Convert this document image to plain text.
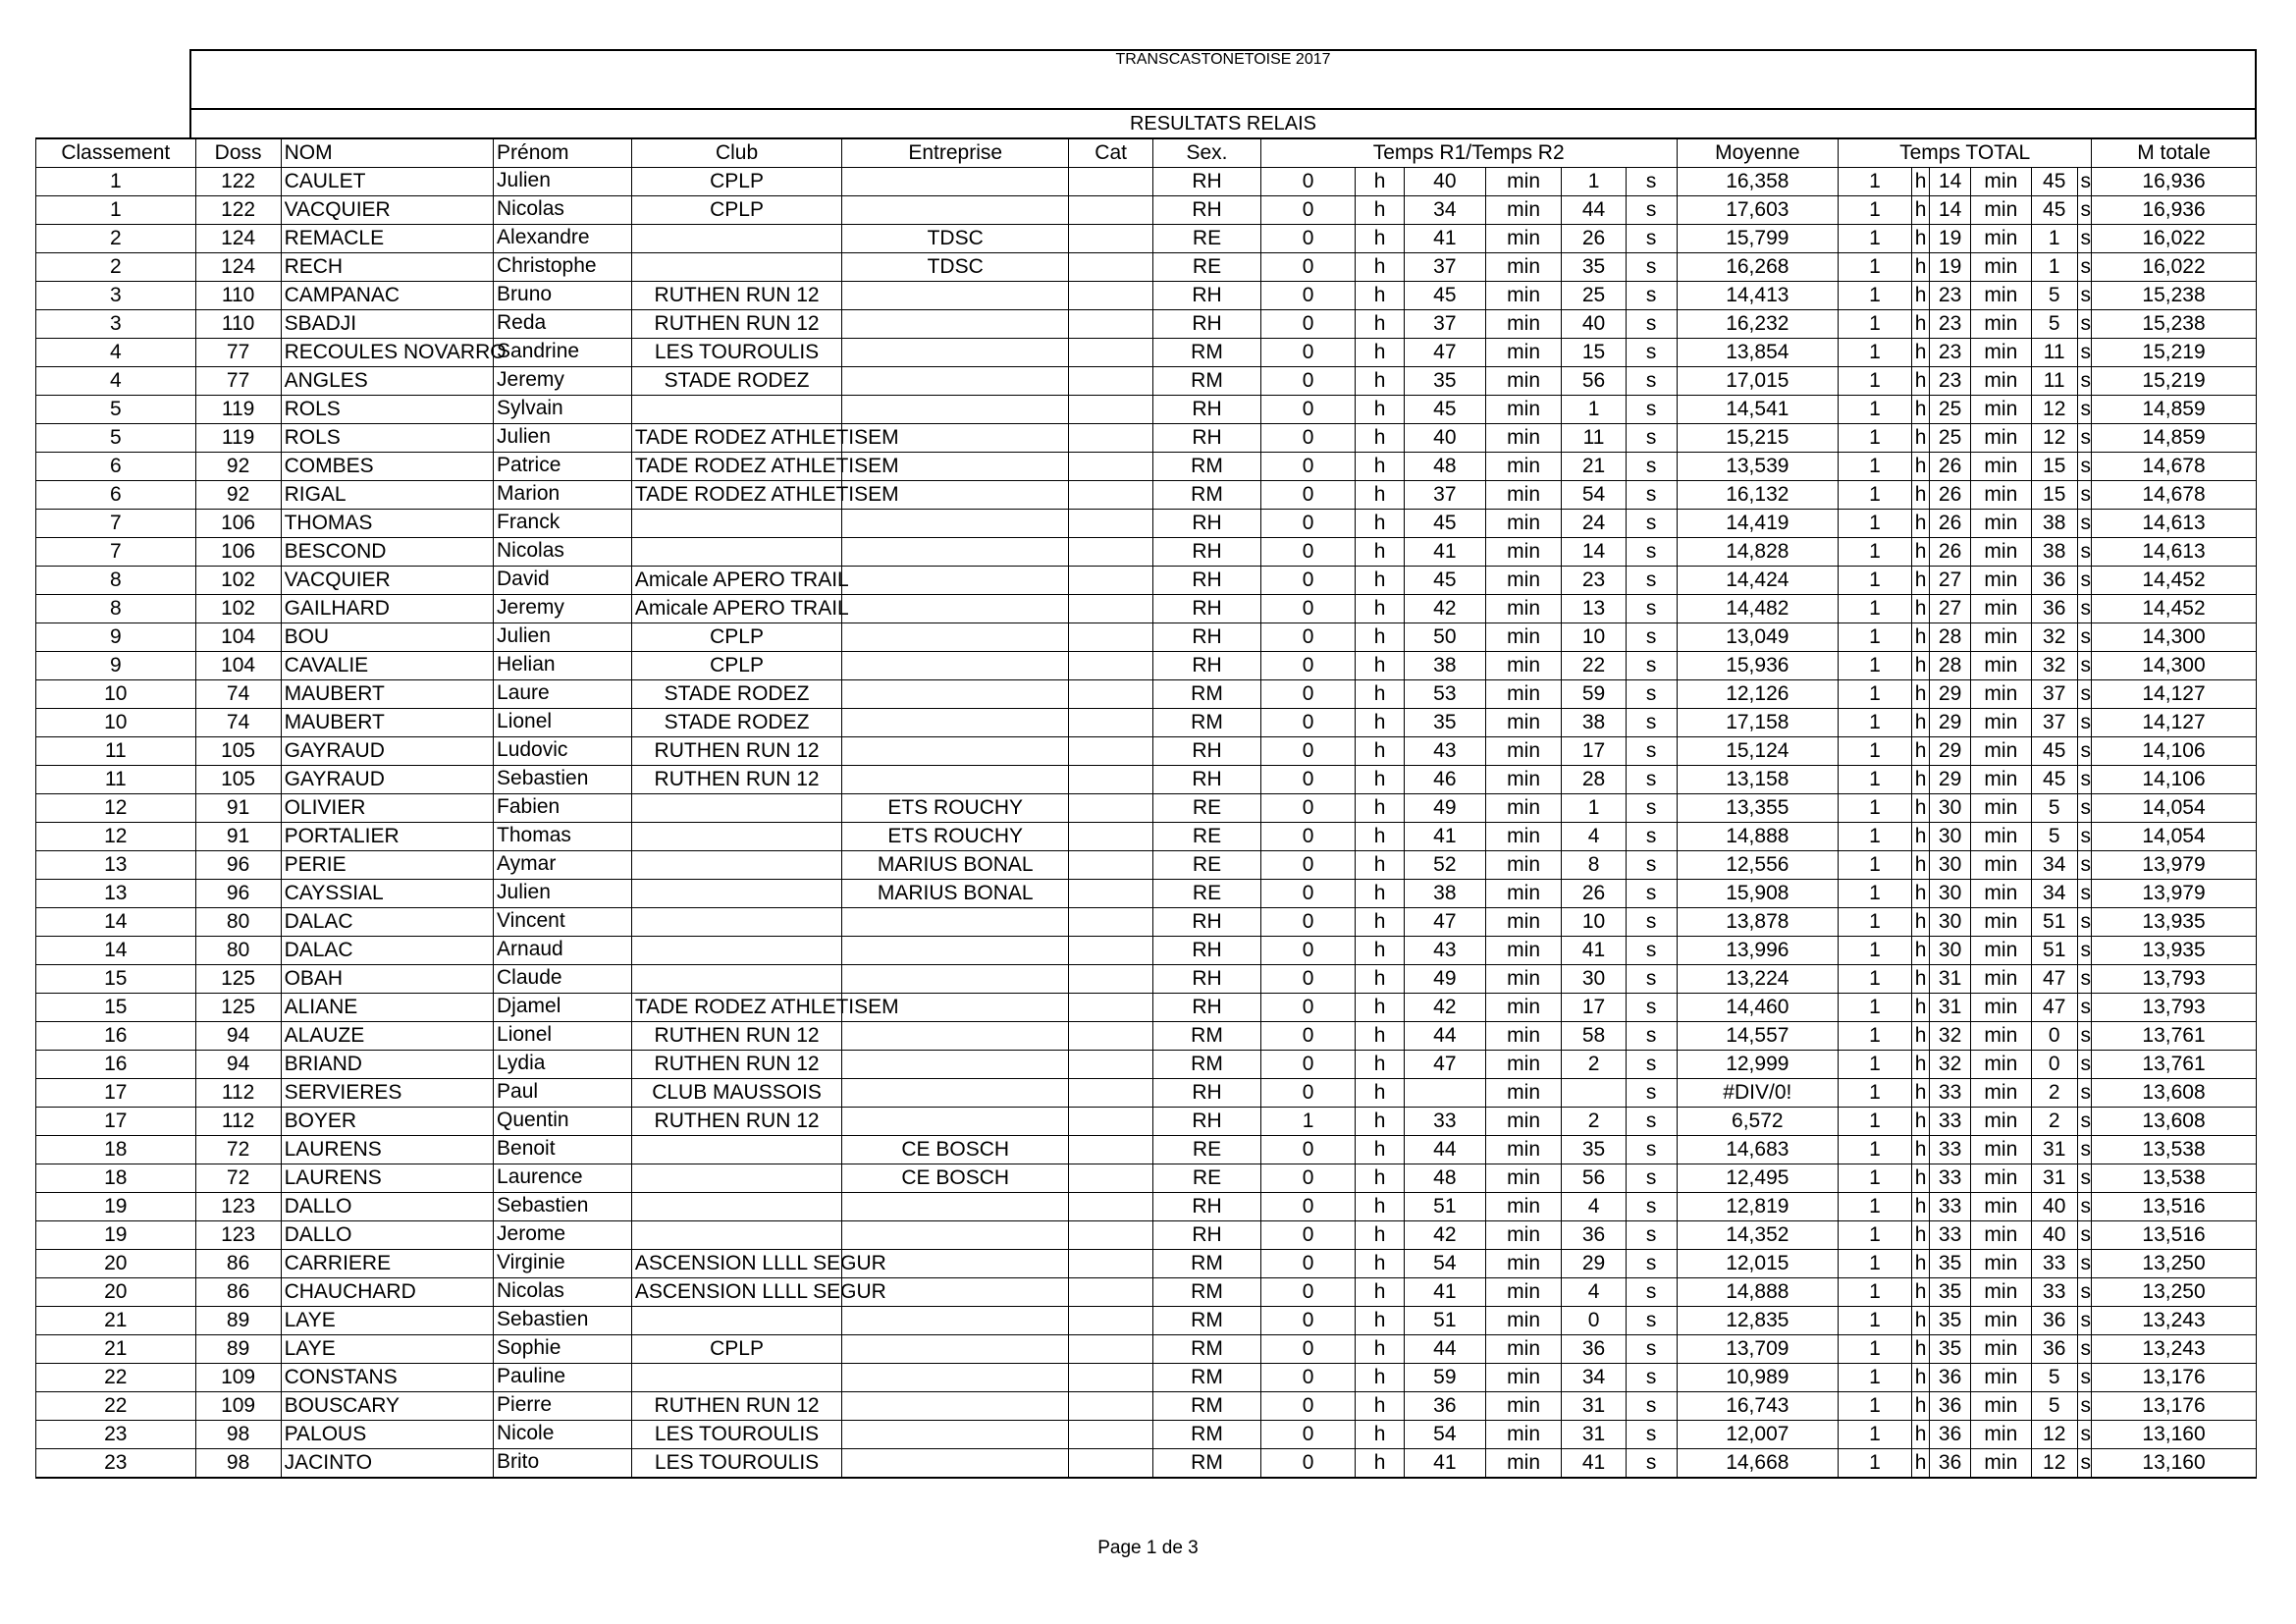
TRANSCASTONETOISE 2017
RESULTATS RELAIS
Classement	Doss	NOM	Prénom	Club	Entreprise	Cat	Sex.	Temps R1/Temps R2						Moyenne	Temps TOTAL						M totale
1	122	CAULET	Julien	CPLP			RH	0	h	40	min	1	s	16,358	1	h	14	min	45	s	16,936
1	122	VACQUIER	Nicolas	CPLP			RH	0	h	34	min	44	s	17,603	1	h	14	min	45	s	16,936
2	124	REMACLE	Alexandre		TDSC		RE	0	h	41	min	26	s	15,799	1	h	19	min	1	s	16,022
2	124	RECH	Christophe		TDSC		RE	0	h	37	min	35	s	16,268	1	h	19	min	1	s	16,022
3	110	CAMPANAC	Bruno	RUTHEN RUN 12			RH	0	h	45	min	25	s	14,413	1	h	23	min	5	s	15,238
3	110	SBADJI	Reda	RUTHEN RUN 12			RH	0	h	37	min	40	s	16,232	1	h	23	min	5	s	15,238
4	77	RECOULES NOVARRO	Sandrine	LES TOUROULIS			RM	0	h	47	min	15	s	13,854	1	h	23	min	11	s	15,219
4	77	ANGLES	Jeremy	STADE RODEZ			RM	0	h	35	min	56	s	17,015	1	h	23	min	11	s	15,219
5	119	ROLS	Sylvain				RH	0	h	45	min	1	s	14,541	1	h	25	min	12	s	14,859
5	119	ROLS	Julien	TADE RODEZ ATHLETISEM			RH	0	h	40	min	11	s	15,215	1	h	25	min	12	s	14,859
6	92	COMBES	Patrice	TADE RODEZ ATHLETISEM			RM	0	h	48	min	21	s	13,539	1	h	26	min	15	s	14,678
6	92	RIGAL	Marion	TADE RODEZ ATHLETISEM			RM	0	h	37	min	54	s	16,132	1	h	26	min	15	s	14,678
7	106	THOMAS	Franck				RH	0	h	45	min	24	s	14,419	1	h	26	min	38	s	14,613
7	106	BESCOND	Nicolas				RH	0	h	41	min	14	s	14,828	1	h	26	min	38	s	14,613
8	102	VACQUIER	David	Amicale APERO TRAIL			RH	0	h	45	min	23	s	14,424	1	h	27	min	36	s	14,452
8	102	GAILHARD	Jeremy	Amicale APERO TRAIL			RH	0	h	42	min	13	s	14,482	1	h	27	min	36	s	14,452
9	104	BOU	Julien	CPLP			RH	0	h	50	min	10	s	13,049	1	h	28	min	32	s	14,300
9	104	CAVALIE	Helian	CPLP			RH	0	h	38	min	22	s	15,936	1	h	28	min	32	s	14,300
10	74	MAUBERT	Laure	STADE RODEZ			RM	0	h	53	min	59	s	12,126	1	h	29	min	37	s	14,127
10	74	MAUBERT	Lionel	STADE RODEZ			RM	0	h	35	min	38	s	17,158	1	h	29	min	37	s	14,127
11	105	GAYRAUD	Ludovic	RUTHEN RUN 12			RH	0	h	43	min	17	s	15,124	1	h	29	min	45	s	14,106
11	105	GAYRAUD	Sebastien	RUTHEN RUN 12			RH	0	h	46	min	28	s	13,158	1	h	29	min	45	s	14,106
12	91	OLIVIER	Fabien		ETS ROUCHY		RE	0	h	49	min	1	s	13,355	1	h	30	min	5	s	14,054
12	91	PORTALIER	Thomas		ETS ROUCHY		RE	0	h	41	min	4	s	14,888	1	h	30	min	5	s	14,054
13	96	PERIE	Aymar		MARIUS BONAL		RE	0	h	52	min	8	s	12,556	1	h	30	min	34	s	13,979
13	96	CAYSSIAL	Julien		MARIUS BONAL		RE	0	h	38	min	26	s	15,908	1	h	30	min	34	s	13,979
14	80	DALAC	Vincent				RH	0	h	47	min	10	s	13,878	1	h	30	min	51	s	13,935
14	80	DALAC	Arnaud				RH	0	h	43	min	41	s	13,996	1	h	30	min	51	s	13,935
15	125	OBAH	Claude				RH	0	h	49	min	30	s	13,224	1	h	31	min	47	s	13,793
15	125	ALIANE	Djamel	TADE RODEZ ATHLETISEM			RH	0	h	42	min	17	s	14,460	1	h	31	min	47	s	13,793
16	94	ALAUZE	Lionel	RUTHEN RUN 12			RM	0	h	44	min	58	s	14,557	1	h	32	min	0	s	13,761
16	94	BRIAND	Lydia	RUTHEN RUN 12			RM	0	h	47	min	2	s	12,999	1	h	32	min	0	s	13,761
17	112	SERVIERES	Paul	CLUB MAUSSOIS			RH	0	h		min		s	#DIV/0!	1	h	33	min	2	s	13,608
17	112	BOYER	Quentin	RUTHEN RUN 12			RH	1	h	33	min	2	s	6,572	1	h	33	min	2	s	13,608
18	72	LAURENS	Benoit		CE BOSCH		RE	0	h	44	min	35	s	14,683	1	h	33	min	31	s	13,538
18	72	LAURENS	Laurence		CE BOSCH		RE	0	h	48	min	56	s	12,495	1	h	33	min	31	s	13,538
19	123	DALLO	Sebastien				RH	0	h	51	min	4	s	12,819	1	h	33	min	40	s	13,516
19	123	DALLO	Jerome				RH	0	h	42	min	36	s	14,352	1	h	33	min	40	s	13,516
20	86	CARRIERE	Virginie	ASCENSION LLLL SEGUR			RM	0	h	54	min	29	s	12,015	1	h	35	min	33	s	13,250
20	86	CHAUCHARD	Nicolas	ASCENSION LLLL SEGUR			RM	0	h	41	min	4	s	14,888	1	h	35	min	33	s	13,250
21	89	LAYE	Sebastien				RM	0	h	51	min	0	s	12,835	1	h	35	min	36	s	13,243
21	89	LAYE	Sophie	CPLP			RM	0	h	44	min	36	s	13,709	1	h	35	min	36	s	13,243
22	109	CONSTANS	Pauline				RM	0	h	59	min	34	s	10,989	1	h	36	min	5	s	13,176
22	109	BOUSCARY	Pierre	RUTHEN RUN 12			RM	0	h	36	min	31	s	16,743	1	h	36	min	5	s	13,176
23	98	PALOUS	Nicole	LES TOUROULIS			RM	0	h	54	min	31	s	12,007	1	h	36	min	12	s	13,160
23	98	JACINTO	Brito	LES TOUROULIS			RM	0	h	41	min	41	s	14,668	1	h	36	min	12	s	13,160
Page 1 de 3
